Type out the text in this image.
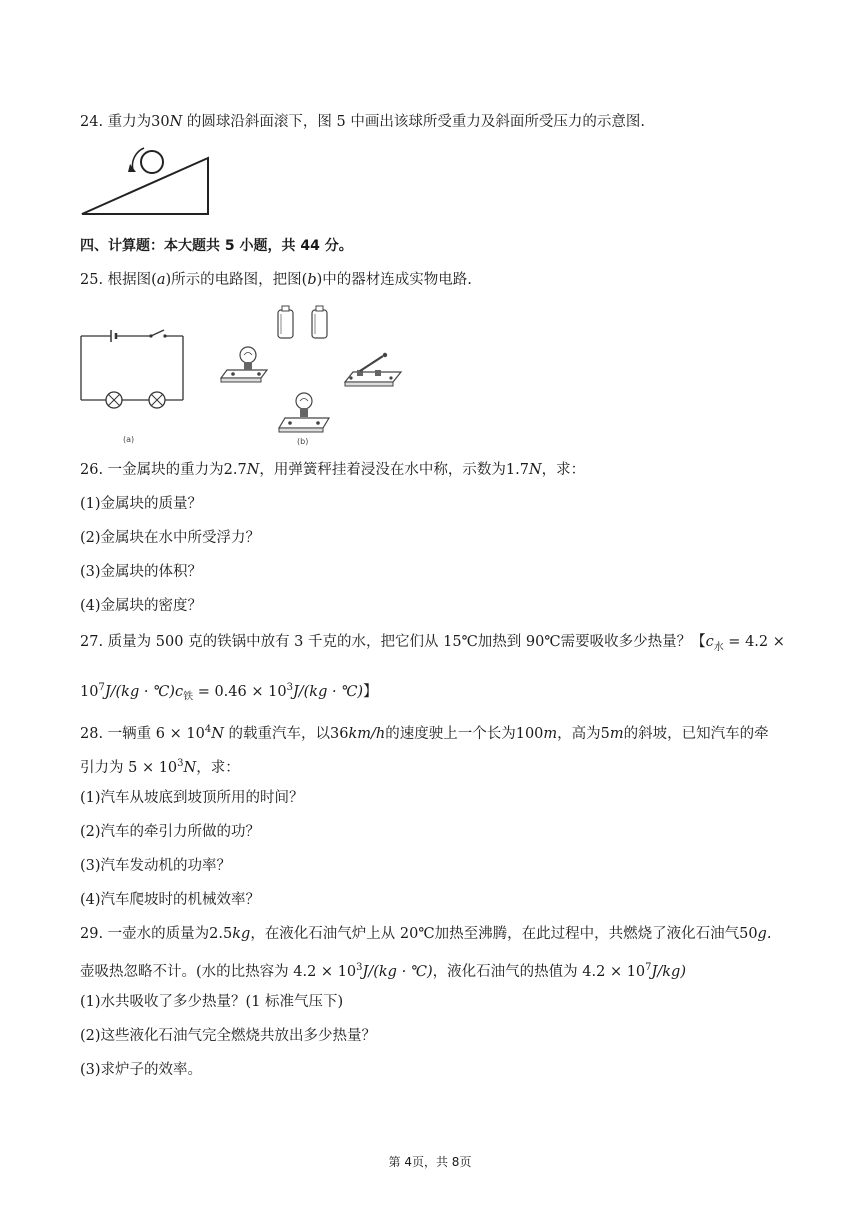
24. 重力为30N 的圆球沿斜面滚下，图 5 中画出该球所受重力及斜面所受压力的示意图.
四、计算题：本大题共 5 小题，共 44 分。
25. 根据图(a)所示的电路图，把图(b)中的器材连成实物电路.
(a)	(b)
26. 一金属块的重力为2.7N，用弹簧秤挂着浸没在水中称，示数为1.7N，求：
(1)金属块的质量？
(2)金属块在水中所受浮力？
(3)金属块的体积？
(4)金属块的密度？
27. 质量为 500 克的铁锅中放有 3 千克的水，把它们从 15℃加热到 90℃需要吸收多少热量？【$c_水 = 4.2$ ×
$10^7J/(kg$ · $℃)c_铁 = 0.46 \times 10^3J/(kg$ · ℃)】
28. 一辆重 $6 \times 10^4N$ 的载重汽车，以36km/h的速度驶上一个长为100m，高为5m的斜坡，已知汽车的牵
引力为 $5 \times 10^3N$，求：
(1)汽车从坡底到坡顶所用的时间？
(2)汽车的牵引力所做的功？
(3)汽车发动机的功率？
(4)汽车爬坡时的机械效率？
29. 一壶水的质量为2.5kg，在液化石油气炉上从 20℃加热至沸腾，在此过程中，共燃烧了液化石油气50g.
壶吸热忽略不计。(水的比热容为 $4.2 \times 10^3J/(kg$ · ℃)，液化石油气的热值为 $4.2 \times 10^7J/kg$)
(1)水共吸收了多少热量？(1 标准气压下)
(2)这些液化石油气完全燃烧共放出多少热量？
(3)求炉子的效率。
第 4页，共 8页
